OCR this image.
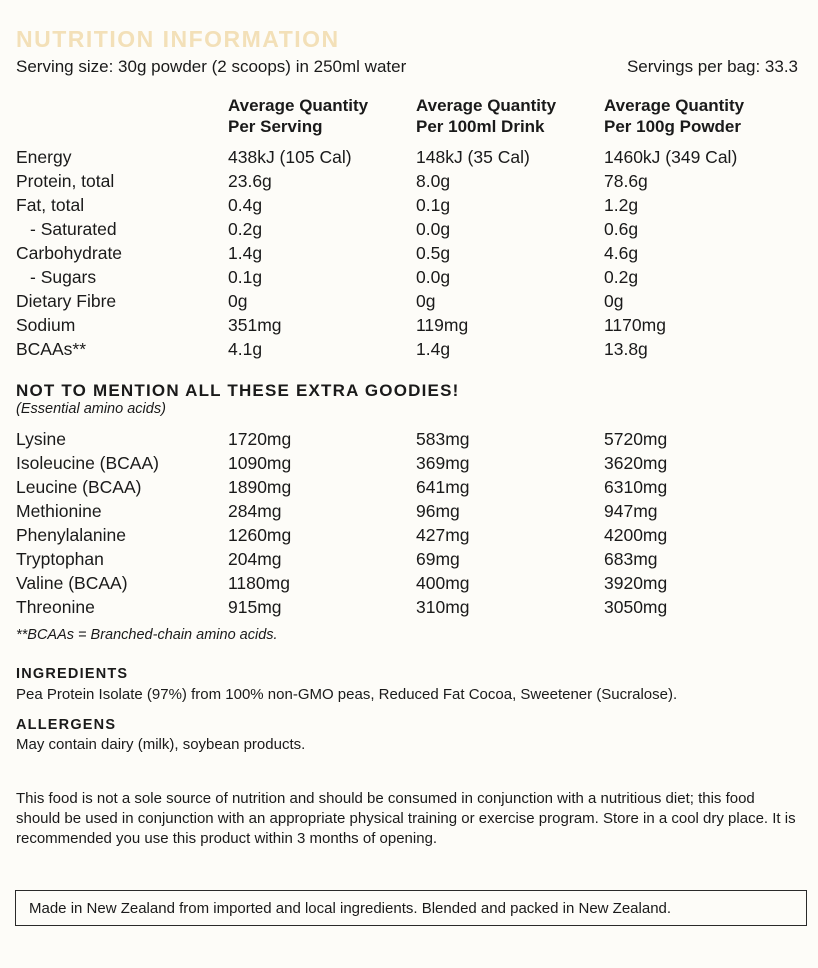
NUTRITION INFORMATION
Serving size: 30g powder (2 scoops) in 250ml water	Servings per bag: 33.3
Average Quantity
Per Serving
Average Quantity
Per 100ml Drink
Average Quantity
Per 100g Powder
Energy	438kJ (105 Cal)	148kJ (35 Cal)	1460kJ (349 Cal)
Protein, total	23.6g	8.0g	78.6g
Fat, total	0.4g	0.1g	1.2g
- Saturated	0.2g	0.0g	0.6g
Carbohydrate	1.4g	0.5g	4.6g
- Sugars	0.1g	0.0g	0.2g
Dietary Fibre	0g	0g	0g
Sodium	351mg	119mg	1170mg
BCAAs**	4.1g	1.4g	13.8g
NOT TO MENTION ALL THESE EXTRA GOODIES!
(Essential amino acids)
Lysine	1720mg	583mg	5720mg
Isoleucine (BCAA)	1090mg	369mg	3620mg
Leucine (BCAA)	1890mg	641mg	6310mg
Methionine	284mg	96mg	947mg
Phenylalanine	1260mg	427mg	4200mg
Tryptophan	204mg	69mg	683mg
Valine (BCAA)	1180mg	400mg	3920mg
Threonine	915mg	310mg	3050mg
**BCAAs = Branched-chain amino acids.
INGREDIENTS
Pea Protein Isolate (97%) from 100% non-GMO peas, Reduced Fat Cocoa, Sweetener (Sucralose).
ALLERGENS
May contain dairy (milk), soybean products.
This food is not a sole source of nutrition and should be consumed in conjunction with a nutritious diet; this food should be used in conjunction with an appropriate physical training or exercise program. Store in a cool dry place. It is recommended you use this product within 3 months of opening.
Made in New Zealand from imported and local ingredients. Blended and packed in New Zealand.
